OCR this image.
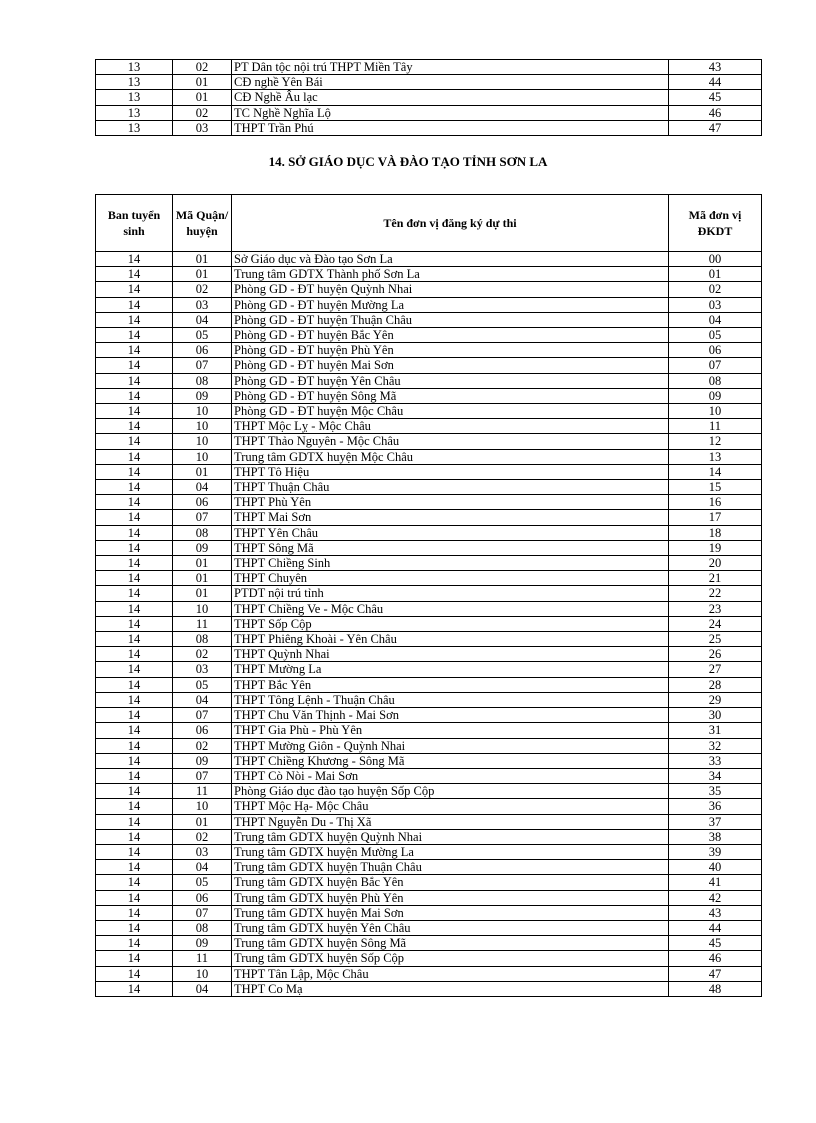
13	02	PT Dân tộc nội trú THPT Miền Tây	43
13	01	CĐ nghề Yên Bái	44
13	01	CĐ Nghề Âu lạc	45
13	02	TC Nghề Nghĩa Lộ	46
13	03	THPT Trần Phú	47
14. SỞ GIÁO DỤC VÀ ĐÀO TẠO TỈNH SƠN LA
Ban tuyển sinh	Mã Quận/ huyện	Tên đơn vị đăng ký dự thi	Mã đơn vị ĐKDT
14	01	Sở Giáo dục và Đào tạo Sơn La	00
14	01	Trung tâm GDTX Thành phố Sơn La	01
14	02	Phòng GD - ĐT huyện Quỳnh Nhai	02
14	03	Phòng GD - ĐT huyện Mường La	03
14	04	Phòng GD - ĐT huyện Thuận Châu	04
14	05	Phòng GD - ĐT huyện Bắc Yên	05
14	06	Phòng GD - ĐT huyện Phù Yên	06
14	07	Phòng GD - ĐT huyện Mai Sơn	07
14	08	Phòng GD - ĐT huyện Yên Châu	08
14	09	Phòng GD - ĐT huyện Sông Mã	09
14	10	Phòng GD - ĐT huyện Mộc Châu	10
14	10	THPT Mộc Lỵ - Mộc Châu	11
14	10	THPT Thảo Nguyên - Mộc Châu	12
14	10	Trung tâm GDTX huyện Mộc Châu	13
14	01	THPT Tô Hiệu	14
14	04	THPT Thuận Châu	15
14	06	THPT Phù Yên	16
14	07	THPT Mai Sơn	17
14	08	THPT Yên Châu	18
14	09	THPT Sông Mã	19
14	01	THPT Chiềng Sinh	20
14	01	THPT Chuyên	21
14	01	PTDT nội trú tỉnh	22
14	10	THPT Chiềng Ve - Mộc Châu	23
14	11	THPT Sốp Cộp	24
14	08	THPT Phiêng Khoài - Yên Châu	25
14	02	THPT Quỳnh Nhai	26
14	03	THPT Mường La	27
14	05	THPT Bắc Yên	28
14	04	THPT Tông Lệnh - Thuận Châu	29
14	07	THPT Chu Văn Thịnh - Mai Sơn	30
14	06	THPT Gia Phù - Phù Yên	31
14	02	THPT Mường Giôn - Quỳnh Nhai	32
14	09	THPT Chiềng Khương - Sông Mã	33
14	07	THPT Cò Nòi - Mai Sơn	34
14	11	Phòng Giáo dục đào tạo huyện Sốp Cộp	35
14	10	THPT Mộc Hạ- Mộc Châu	36
14	01	THPT Nguyễn Du - Thị Xã	37
14	02	Trung tâm GDTX huyện Quỳnh Nhai	38
14	03	Trung tâm GDTX huyện Mường La	39
14	04	Trung tâm GDTX huyện Thuận Châu	40
14	05	Trung tâm GDTX huyện Bắc Yên	41
14	06	Trung tâm GDTX huyện Phù Yên	42
14	07	Trung tâm GDTX huyện Mai Sơn	43
14	08	Trung tâm GDTX huyện Yên Châu	44
14	09	Trung tâm GDTX huyện Sông Mã	45
14	11	Trung tâm GDTX huyện Sốp Cộp	46
14	10	THPT Tân Lập, Mộc Châu	47
14	04	THPT Co Mạ	48
